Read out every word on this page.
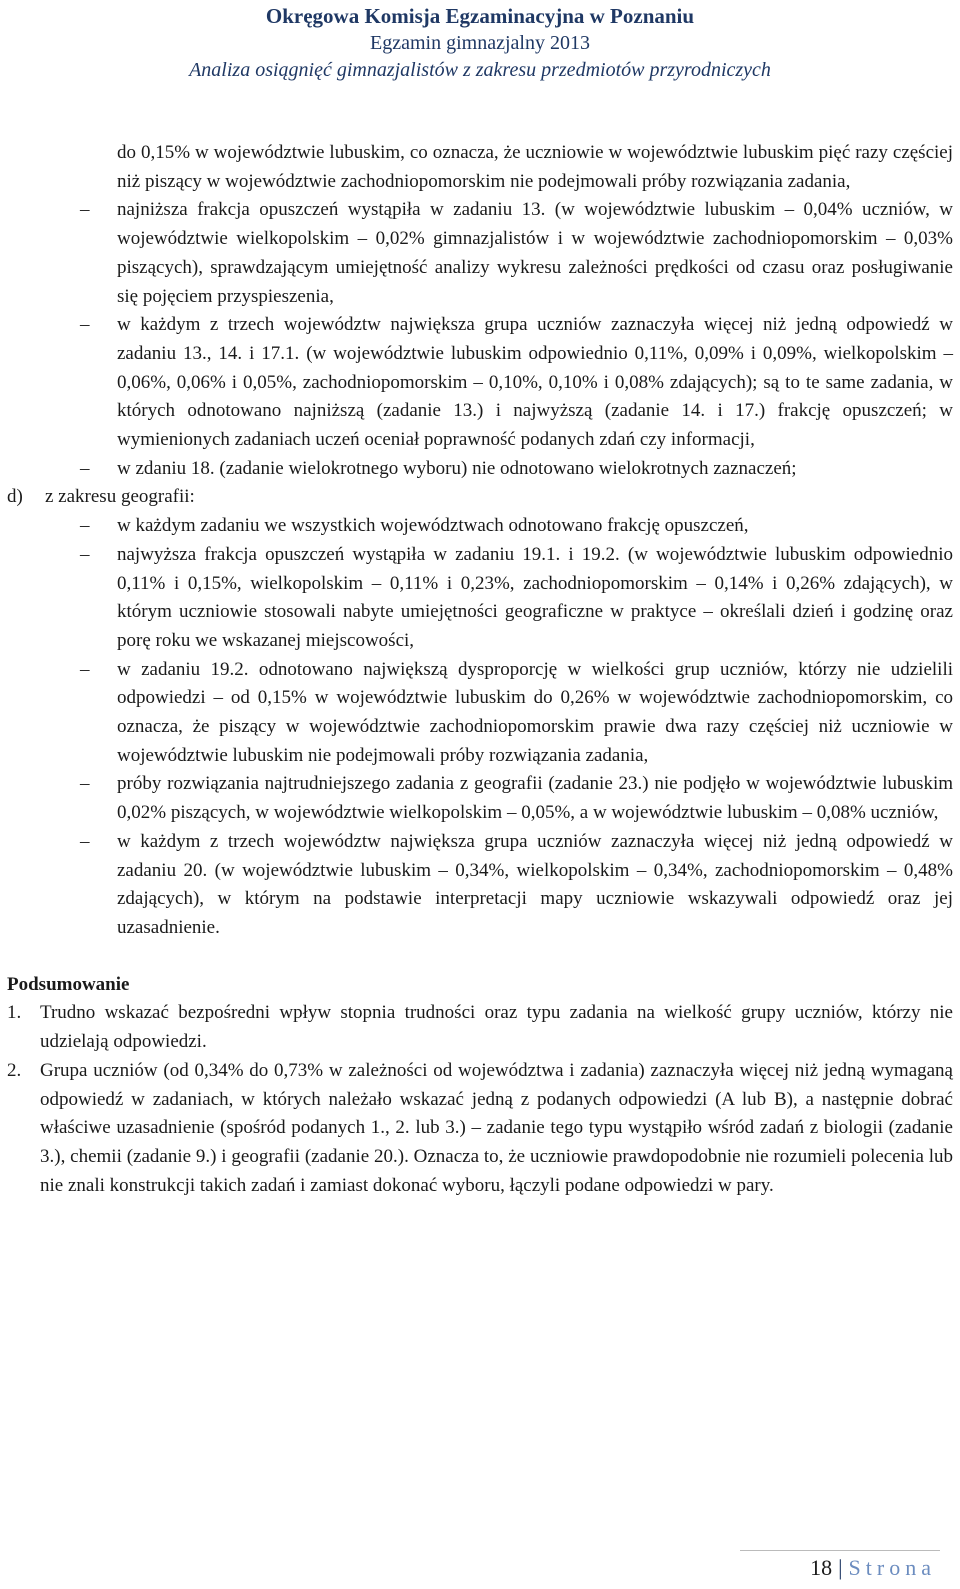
Okręgowa Komisja Egzaminacyjna w Poznaniu
Egzamin gimnazjalny 2013
Analiza osiągnięć gimnazjalistów z zakresu przedmiotów przyrodniczych
do 0,15% w województwie lubuskim, co oznacza, że uczniowie w województwie lubuskim pięć razy częściej niż piszący w województwie zachodniopomorskim nie podejmowali próby rozwiązania zadania,
– najniższa frakcja opuszczeń wystąpiła w zadaniu 13. (w województwie lubuskim – 0,04% uczniów, w województwie wielkopolskim – 0,02% gimnazjalistów i w województwie zachodniopomorskim – 0,03% piszących), sprawdzającym umiejętność analizy wykresu zależności prędkości od czasu oraz posługiwanie się pojęciem przyspieszenia,
– w każdym z trzech województw największa grupa uczniów zaznaczyła więcej niż jedną odpowiedź w zadaniu 13., 14. i 17.1. (w województwie lubuskim odpowiednio 0,11%, 0,09% i 0,09%, wielkopolskim – 0,06%, 0,06% i 0,05%, zachodniopomorskim – 0,10%, 0,10% i 0,08% zdających); są to te same zadania, w których odnotowano najniższą (zadanie 13.) i najwyższą (zadanie 14. i 17.) frakcję opuszczeń; w wymienionych zadaniach uczeń oceniał poprawność podanych zdań czy informacji,
– w zdaniu 18. (zadanie wielokrotnego wyboru) nie odnotowano wielokrotnych zaznaczeń;
d) z zakresu geografii:
– w każdym zadaniu we wszystkich województwach odnotowano frakcję opuszczeń,
– najwyższa frakcja opuszczeń wystąpiła w zadaniu 19.1. i 19.2. (w województwie lubuskim odpowiednio 0,11% i 0,15%, wielkopolskim – 0,11% i 0,23%, zachodniopomorskim – 0,14% i 0,26% zdających), w którym uczniowie stosowali nabyte umiejętności geograficzne w praktyce – określali dzień i godzinę oraz porę roku we wskazanej miejscowości,
– w zadaniu 19.2. odnotowano największą dysproporcję w wielkości grup uczniów, którzy nie udzielili odpowiedzi – od 0,15% w województwie lubuskim do 0,26% w województwie zachodniopomorskim, co oznacza, że piszący w województwie zachodniopomorskim prawie dwa razy częściej niż uczniowie w województwie lubuskim nie podejmowali próby rozwiązania zadania,
– próby rozwiązania najtrudniejszego zadania z geografii (zadanie 23.) nie podjęło w województwie lubuskim 0,02% piszących, w województwie wielkopolskim – 0,05%, a w województwie lubuskim – 0,08% uczniów,
– w każdym z trzech województw największa grupa uczniów zaznaczyła więcej niż jedną odpowiedź w zadaniu 20. (w województwie lubuskim – 0,34%, wielkopolskim – 0,34%, zachodniopomorskim – 0,48% zdających), w którym na podstawie interpretacji mapy uczniowie wskazywali odpowiedź oraz jej uzasadnienie.
Podsumowanie
1. Trudno wskazać bezpośredni wpływ stopnia trudności oraz typu zadania na wielkość grupy uczniów, którzy nie udzielają odpowiedzi.
2. Grupa uczniów (od 0,34% do 0,73% w zależności od województwa i zadania) zaznaczyła więcej niż jedną wymaganą odpowiedź w zadaniach, w których należało wskazać jedną z podanych odpowiedzi (A lub B), a następnie dobrać właściwe uzasadnienie (spośród podanych 1., 2. lub 3.) – zadanie tego typu wystąpiło wśród zadań z biologii (zadanie 3.), chemii (zadanie 9.) i geografii (zadanie 20.). Oznacza to, że uczniowie prawdopodobnie nie rozumieli polecenia lub nie znali konstrukcji takich zadań i zamiast dokonać wyboru, łączyli podane odpowiedzi w pary.
18 | Strona
